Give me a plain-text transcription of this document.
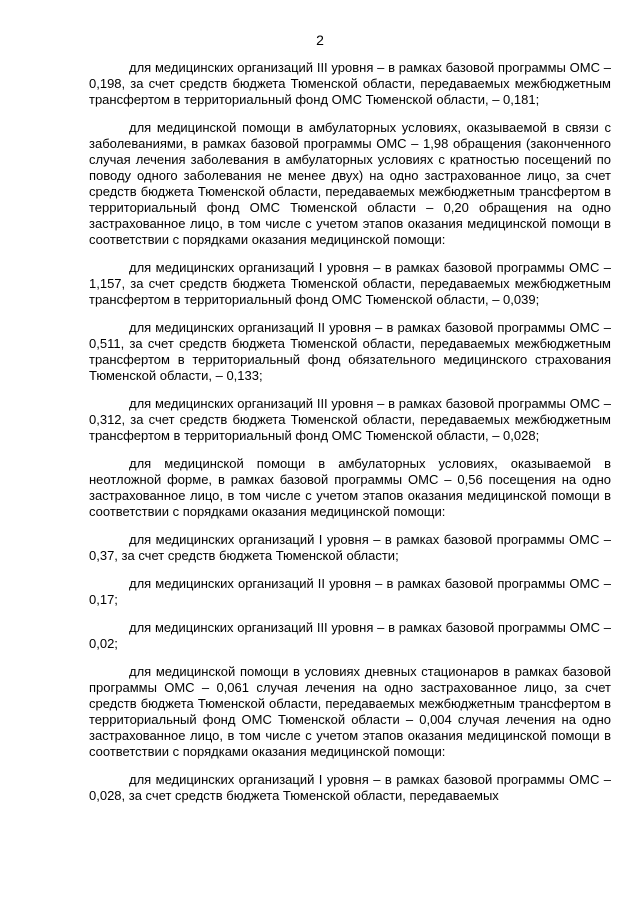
2

для медицинских организаций III уровня – в рамках базовой программы ОМС – 0,198, за счет средств бюджета Тюменской области, передаваемых межбюджетным трансфертом в территориальный фонд ОМС Тюменской области, – 0,181;

для медицинской помощи в амбулаторных условиях, оказываемой в связи с заболеваниями, в рамках базовой программы ОМС – 1,98 обращения (законченного случая лечения заболевания в амбулаторных условиях с кратностью посещений по поводу одного заболевания не менее двух) на одно застрахованное лицо, за счет средств бюджета Тюменской области, передаваемых межбюджетным трансфертом в территориальный фонд ОМС Тюменской области – 0,20 обращения на одно застрахованное лицо, в том числе с учетом этапов оказания медицинской помощи в соответствии с порядками оказания медицинской помощи:

для медицинских организаций I уровня – в рамках базовой программы ОМС – 1,157, за счет средств бюджета Тюменской области, передаваемых межбюджетным трансфертом в территориальный фонд ОМС Тюменской области, – 0,039;

для медицинских организаций II уровня – в рамках базовой программы ОМС – 0,511, за счет средств бюджета Тюменской области, передаваемых межбюджетным трансфертом в территориальный фонд обязательного медицинского страхования Тюменской области, – 0,133;

для медицинских организаций III уровня – в рамках базовой программы ОМС – 0,312, за счет средств бюджета Тюменской области, передаваемых межбюджетным трансфертом в территориальный фонд ОМС Тюменской области, – 0,028;

для медицинской помощи в амбулаторных условиях, оказываемой в неотложной форме, в рамках базовой программы ОМС – 0,56 посещения на одно застрахованное лицо, в том числе с учетом этапов оказания медицинской помощи в соответствии с порядками оказания медицинской помощи:

для медицинских организаций I уровня – в рамках базовой программы ОМС – 0,37, за счет средств бюджета Тюменской области;

для медицинских организаций II уровня – в рамках базовой программы ОМС – 0,17;

для медицинских организаций III уровня – в рамках базовой программы ОМС – 0,02;

для медицинской помощи в условиях дневных стационаров в рамках базовой программы ОМС – 0,061 случая лечения на одно застрахованное лицо, за счет средств бюджета Тюменской области, передаваемых межбюджетным трансфертом в территориальный фонд ОМС Тюменской области – 0,004 случая лечения на одно застрахованное лицо, в том числе с учетом этапов оказания медицинской помощи в соответствии с порядками оказания медицинской помощи:

для медицинских организаций I уровня – в рамках базовой программы ОМС – 0,028, за счет средств бюджета Тюменской области, передаваемых
